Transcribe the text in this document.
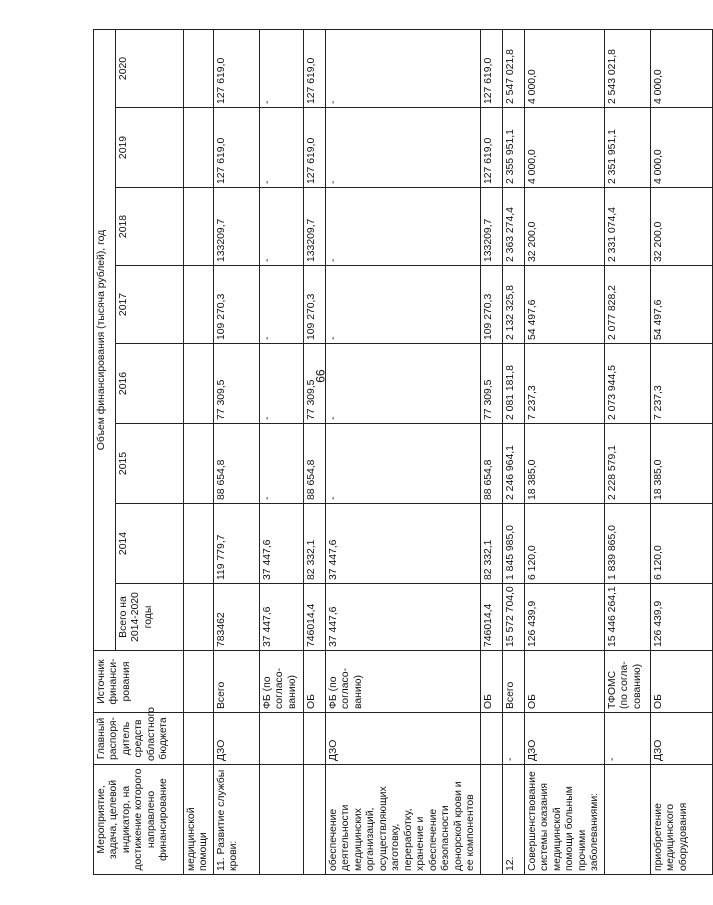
99
Мероприятие, задача, целевой индикатор, на достижение которого направлено финансирование	Главный распоря-дитель средств областного бюджета	Источник финанси-рования	Объем финансирования (тысяча рублей), год							
			Всего на 2014-2020 годы	2014	2015	2016	2017	2018	2019	2020
медицинской помощи										
11. Развитие службы крови:	ДЗО	Всего	783462	119 779,7	88 654,8	77 309,5	109 270,3	133209,7	127 619,0	127 619,0
		ФБ (по согласо-ванию)	37 447,6	37 447,6	-	-	-	-	-	-
		ОБ	746014,4	82 332,1	88 654,8	77 309,5	109 270,3	133209,7	127 619,0	127 619,0
обеспечение деятельности медицинских организаций, осуществляющих заготовку, переработку, хранение и обеспечение безопасности донорской крови и ее компонентов	ДЗО	ФБ (по согласо-ванию)	37 447,6	37 447,6	-	-	-	-	-	-
		ОБ	746014,4	82 332,1	88 654,8	77 309,5	109 270,3	133209,7	127 619,0	127 619,0
12.	-	Всего	15 572 704,0	1 845 985,0	2 246 964,1	2 081 181,8	2 132 325,8	2 363 274,4	2 355 951,1	2 547 021,8
Совершенствование системы оказания медицинской помощи больным прочими заболеваниями:	ДЗО	ОБ	126 439,9	6 120,0	18 385,0	7 237,3	54 497,6	32 200,0	4 000,0	4 000,0
	-	ТФОМС (по согла-сованию)	15 446 264,1	1 839 865,0	2 228 579,1	2 073 944,5	2 077 828,2	2 331 074,4	2 351 951,1	2 543 021,8
приобретение медицинского оборудования	ДЗО	ОБ	126 439,9	6 120,0	18 385,0	7 237,3	54 497,6	32 200,0	4 000,0	4 000,0
